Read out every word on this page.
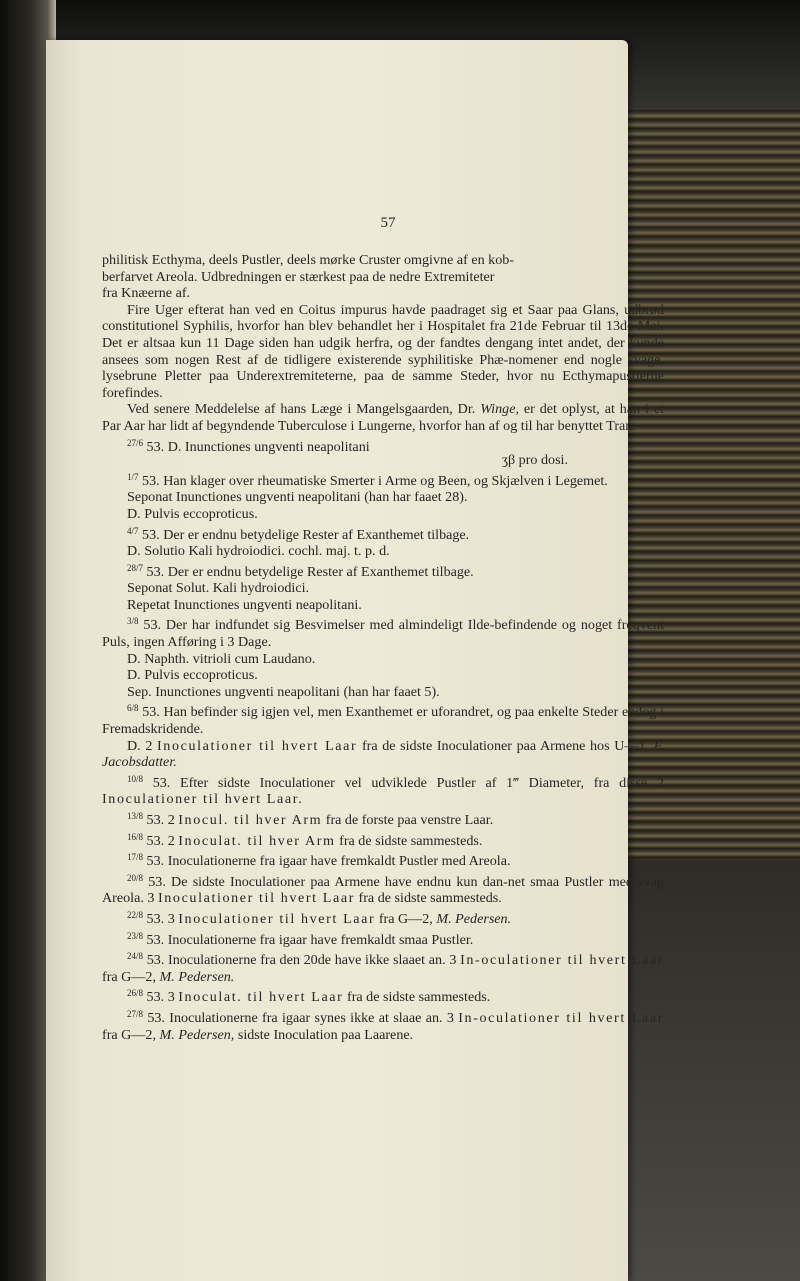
57

philitisk Ecthyma, deels Pustler, deels mørke Cruster omgivne af en kob-

berfarvet Areola. Udbredningen er stærkest paa de nedre Extremiteter

fra Knæerne af.

Fire Uger efterat han ved en Coitus impurus havde paadraget sig et Saar paa Glans, udbrød constitutionel Syphilis, hvorfor han blev behandlet her i Hospitalet fra 21de Februar til 13de Mai. Det er altsaa kun 11 Dage siden han udgik herfra, og der fandtes dengang intet andet, der kunde ansees som nogen Rest af de tidligere existerende syphilitiske Phæ-nomener end nogle svage, lysebrune Pletter paa Underextremiteterne, paa de samme Steder, hvor nu Ecthymapustlerne forefindes.

Ved senere Meddelelse af hans Læge i Mangelsgaarden, Dr. Winge, er det oplyst, at han i et Par Aar har lidt af begyndende Tuberculose i Lungerne, hvorfor han af og til har benyttet Tran.

$^{27/6}$ 53. D. Inunctiones ungventi neapolitani

ʒβ pro dosi.

$^{1/7}$ 53. Han klager over rheumatiske Smerter i Arme og Been, og Skjælven i Legemet.

Seponat Inunctiones ungventi neapolitani (han har faaet 28).

D. Pulvis eccoproticus.

$^{4/7}$ 53. Der er endnu betydelige Rester af Exanthemet tilbage.

D. Solutio Kali hydroiodici. cochl. maj. t. p. d.

$^{28/7}$ 53. Der er endnu betydelige Rester af Exanthemet tilbage.

Seponat Solut. Kali hydroiodici.

Repetat Inunctiones ungventi neapolitani.

$^{3/8}$ 53. Der har indfundet sig Besvimelser med almindeligt Ilde-befindende og noget freqvent Puls, ingen Afføring i 3 Dage.

D. Naphth. vitrioli cum Laudano.

D. Pulvis eccoproticus.

Sep. Inunctiones ungventi neapolitani (han har faaet 5).

$^{6/8}$ 53. Han befinder sig igjen vel, men Exanthemet er uforandret, og paa enkelte Steder endog i Fremadskridende.

D. 2 Inoculationer til hvert Laar fra de sidste Inoculationer paa Armene hos U—1, F. Jacobsdatter.

$^{10/8}$ 53. Efter sidste Inoculationer vel udviklede Pustler af 1‴ Diameter, fra disse 2 Inoculationer til hvert Laar.

$^{13/8}$ 53. 2 Inocul. til hver Arm fra de forste paa venstre Laar.

$^{16/8}$ 53. 2 Inoculat. til hver Arm fra de sidste sammesteds.

$^{17/8}$ 53. Inoculationerne fra igaar have fremkaldt Pustler med Areola.

$^{20/8}$ 53. De sidste Inoculationer paa Armene have endnu kun dan-net smaa Pustler med svag Areola. 3 Inoculationer til hvert Laar fra de sidste sammesteds.

$^{22/8}$ 53. 3 Inoculationer til hvert Laar fra G—2, M. Pedersen.

$^{23/8}$ 53. Inoculationerne fra igaar have fremkaldt smaa Pustler.

$^{24/8}$ 53. Inoculationerne fra den 20de have ikke slaaet an. 3 In-oculationer til hvert Laar fra G—2, M. Pedersen.

$^{26/8}$ 53. 3 Inoculat. til hvert Laar fra de sidste sammesteds.

$^{27/8}$ 53. Inoculationerne fra igaar synes ikke at slaae an. 3 In-oculationer til hvert Laar fra G—2, M. Pedersen, sidste Inoculation paa Laarene.
